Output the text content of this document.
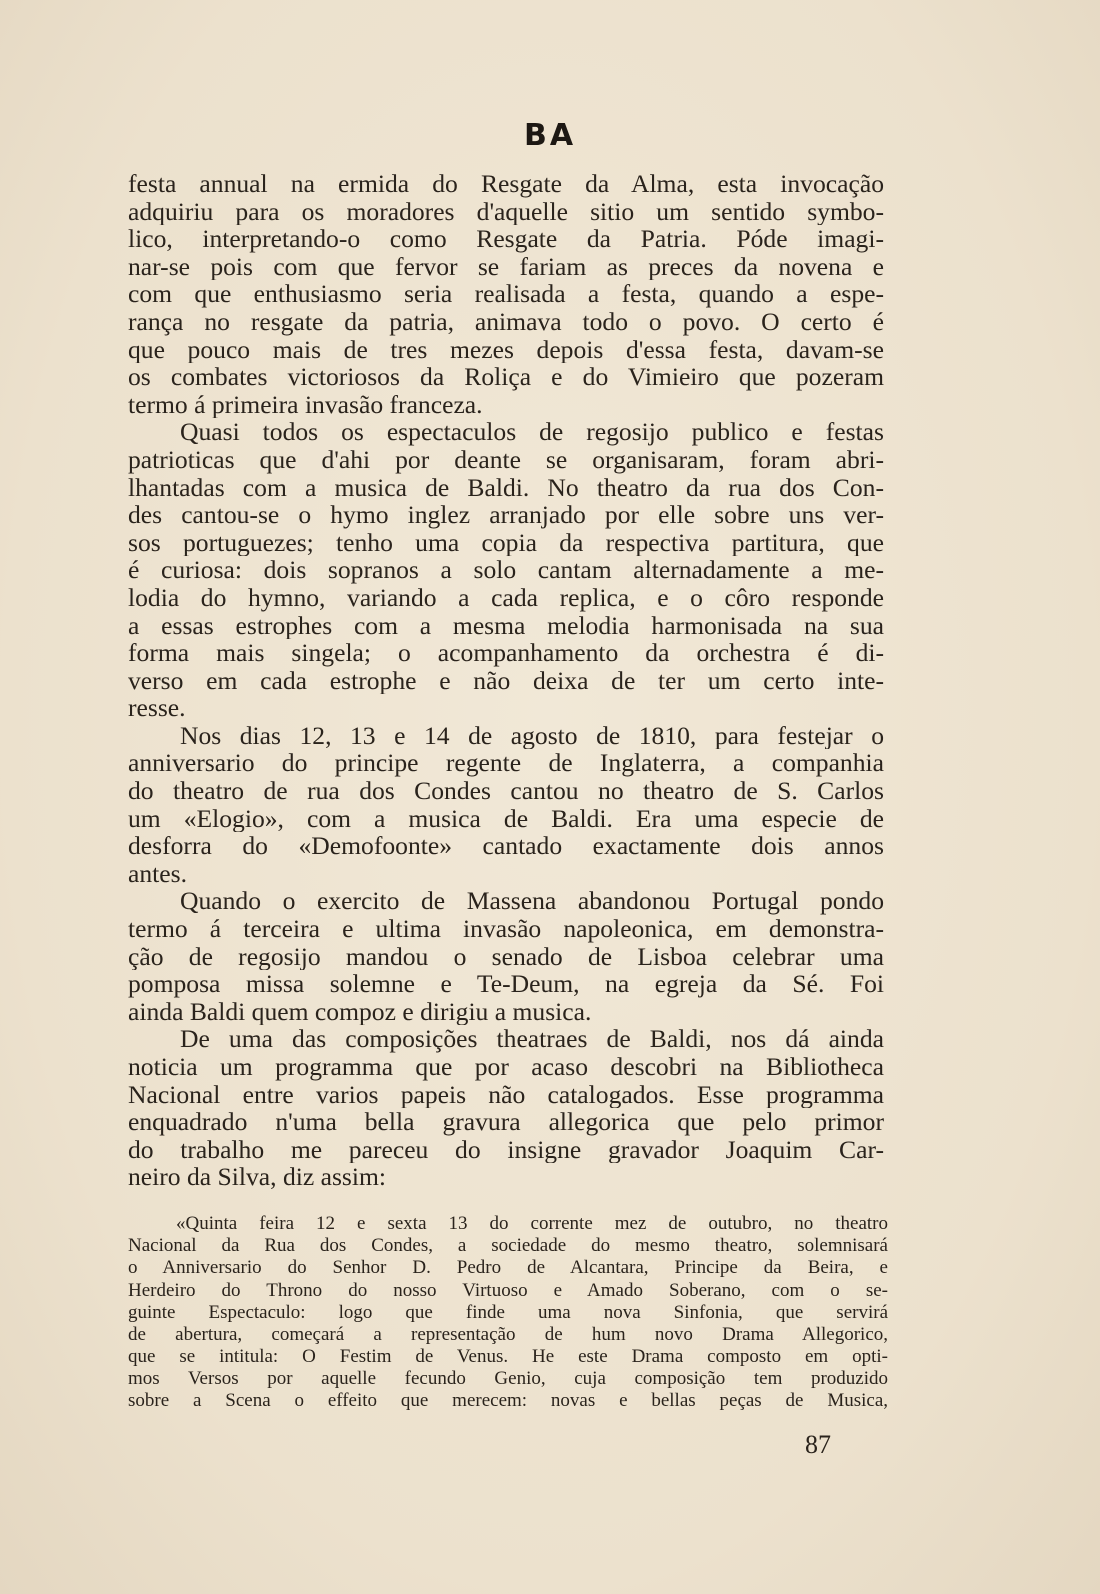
BA
festa annual na ermida do Resgate da Alma, esta invocação
adquiriu para os moradores d'aquelle sitio um sentido symbo-
lico, interpretando-o como Resgate da Patria. Póde imagi-
nar-se pois com que fervor se fariam as preces da novena e
com que enthusiasmo seria realisada a festa, quando a espe-
rança no resgate da patria, animava todo o povo. O certo é
que pouco mais de tres mezes depois d'essa festa, davam-se
os combates victoriosos da Roliça e do Vimieiro que pozeram
termo á primeira invasão franceza.
Quasi todos os espectaculos de regosijo publico e festas
patrioticas que d'ahi por deante se organisaram, foram abri-
lhantadas com a musica de Baldi. No theatro da rua dos Con-
des cantou-se o hymo inglez arranjado por elle sobre uns ver-
sos portuguezes; tenho uma copia da respectiva partitura, que
é curiosa: dois sopranos a solo cantam alternadamente a me-
lodia do hymno, variando a cada replica, e o côro responde
a essas estrophes com a mesma melodia harmonisada na sua
forma mais singela; o acompanhamento da orchestra é di-
verso em cada estrophe e não deixa de ter um certo inte-
resse.
Nos dias 12, 13 e 14 de agosto de 1810, para festejar o
anniversario do principe regente de Inglaterra, a companhia
do theatro de rua dos Condes cantou no theatro de S. Carlos
um «Elogio», com a musica de Baldi. Era uma especie de
desforra do «Demofoonte» cantado exactamente dois annos
antes.
Quando o exercito de Massena abandonou Portugal pondo
termo á terceira e ultima invasão napoleonica, em demonstra-
ção de regosijo mandou o senado de Lisboa celebrar uma
pomposa missa solemne e Te-Deum, na egreja da Sé. Foi
ainda Baldi quem compoz e dirigiu a musica.
De uma das composições theatraes de Baldi, nos dá ainda
noticia um programma que por acaso descobri na Bibliotheca
Nacional entre varios papeis não catalogados. Esse programma
enquadrado n'uma bella gravura allegorica que pelo primor
do trabalho me pareceu do insigne gravador Joaquim Car-
neiro da Silva, diz assim:
«Quinta feira 12 e sexta 13 do corrente mez de outubro, no theatro
Nacional da Rua dos Condes, a sociedade do mesmo theatro, solemnisará
o Anniversario do Senhor D. Pedro de Alcantara, Principe da Beira, e
Herdeiro do Throno do nosso Virtuoso e Amado Soberano, com o se-
guinte Espectaculo: logo que finde uma nova Sinfonia, que servirá
de abertura, começará a representação de hum novo Drama Allegorico,
que se intitula: O Festim de Venus. He este Drama composto em opti-
mos Versos por aquelle fecundo Genio, cuja composição tem produzido
sobre a Scena o effeito que merecem: novas e bellas peças de Musica,
87
